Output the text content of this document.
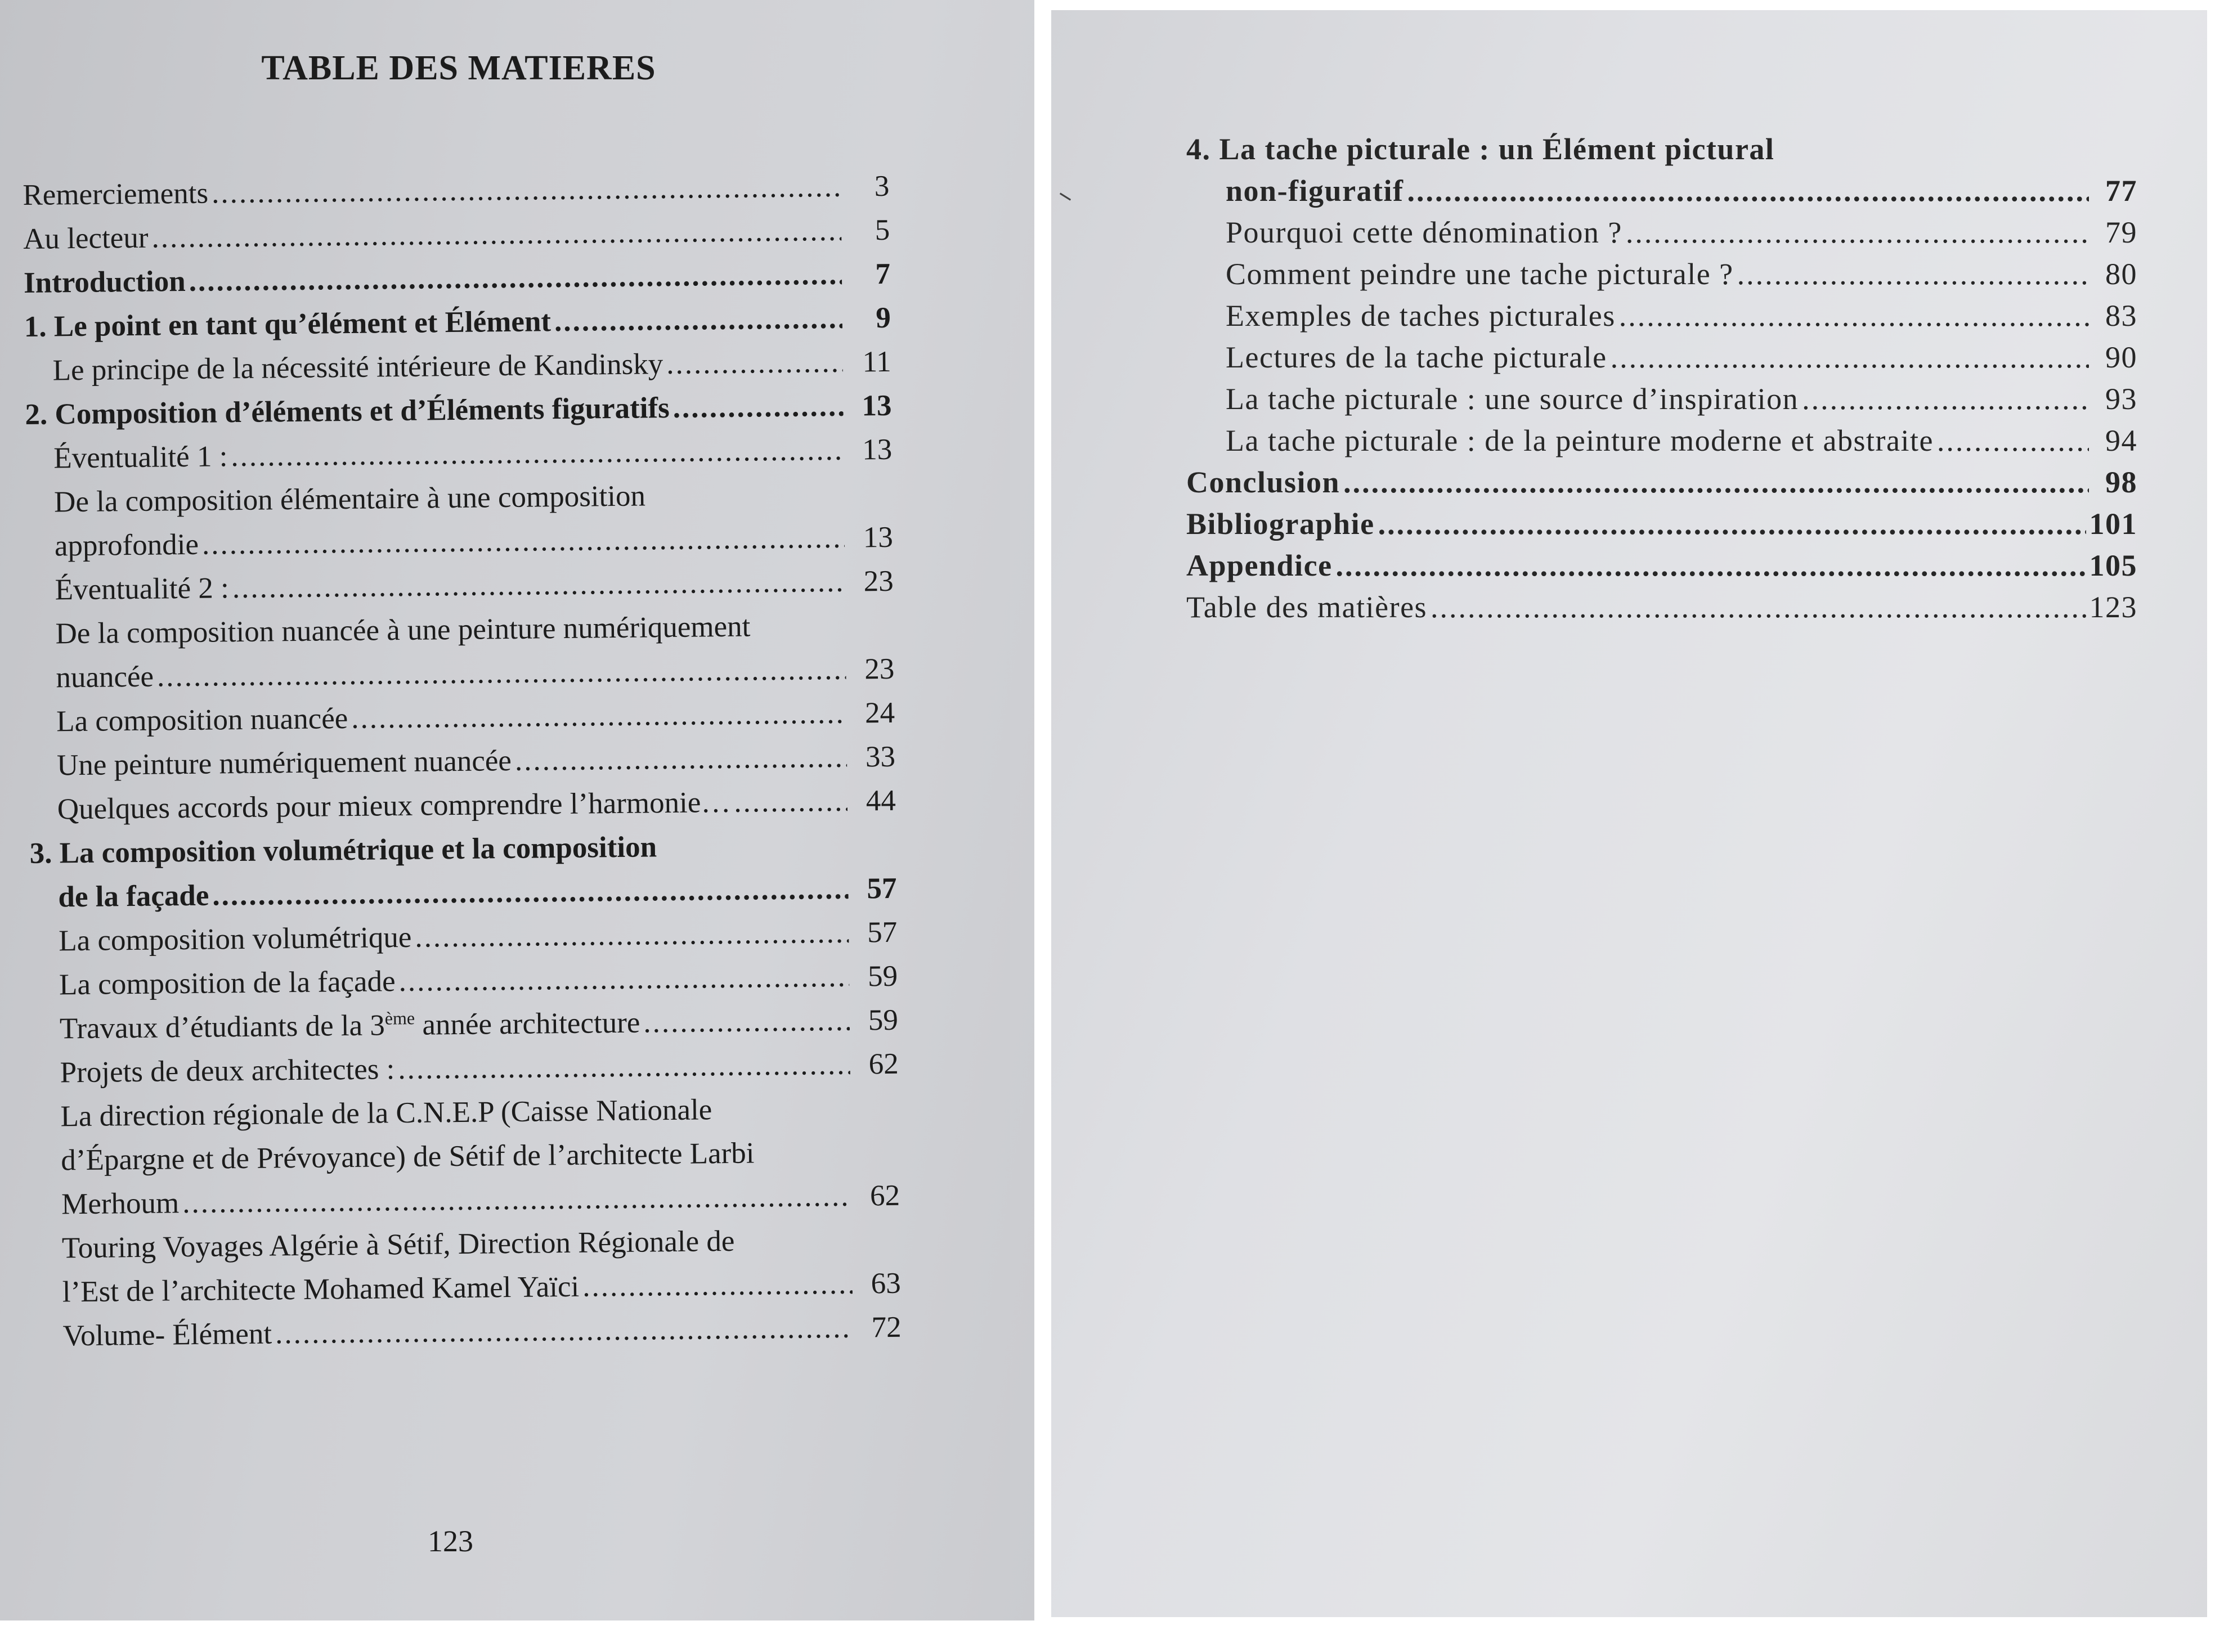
TABLE DES MATIERES
Remerciements .....	3
Au lecteur .....	5
Introduction .....	7
1. Le point en tant qu’élément et Élément .....	9
Le principe de la nécessité intérieure de Kandinsky .....	11
2. Composition d’éléments et d’Éléments figuratifs .....	13
Éventualité 1 : .....	13
De la composition élémentaire à une composition
approfondie .....	13
Éventualité 2 : .....	23
De la composition nuancée à une peinture numériquement
nuancée .....	23
La composition nuancée .....	24
Une peinture numériquement nuancée .....	33
Quelques accords pour mieux comprendre l’harmonie… .....	44
3. La composition volumétrique et la composition
de la façade .....	57
La composition volumétrique .....	57
La composition de la façade .....	59
Travaux d’étudiants de la 3ème année architecture .....	59
Projets de deux architectes : .....	62
La direction régionale de la C.N.E.P (Caisse Nationale
d’Épargne et de Prévoyance) de Sétif de l’architecte Larbi
Merhoum .....	62
Touring Voyages Algérie à Sétif, Direction Régionale de
l’Est de l’architecte Mohamed Kamel Yaïci .....	63
Volume- Élément .....	72
123
4. La tache picturale : un Élément pictural
non-figuratif .....	77
Pourquoi cette dénomination ? .....	79
Comment peindre une tache picturale ? .....	80
Exemples de taches picturales .....	83
Lectures de la tache picturale .....	90
La tache picturale : une source d’inspiration .....	93
La tache picturale : de la peinture moderne et abstraite .....	94
Conclusion .....	98
Bibliographie .....	101
Appendice .....	105
Table des matières .....	123
